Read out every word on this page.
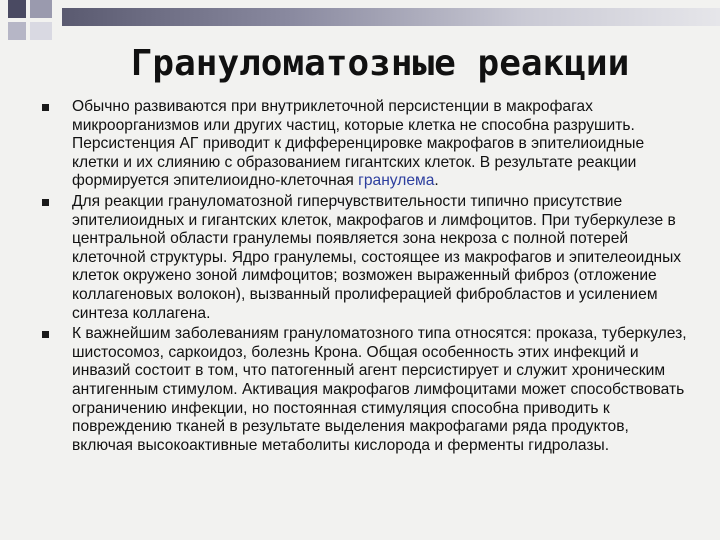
Грануломатозные реакции
Обычно развиваются при внутриклеточной персистенции в макрофагах микроорганизмов или других частиц, которые клетка не способна разрушить. Персистенция АГ приводит к дифференцировке макрофагов в эпителиоидные клетки и их слиянию с образованием гигантских клеток. В результате реакции формируется эпителиоидно-клеточная гранулема.
Для реакции грануломатозной гиперчувствительности типично присутствие эпителиоидных и гигантских клеток, макрофагов и лимфоцитов. При туберкулезе в центральной области гранулемы появляется зона некроза с полной потерей клеточной структуры. Ядро гранулемы, состоящее из макрофагов и эпителеоидных клеток окружено зоной лимфоцитов; возможен выраженный фиброз (отложение коллагеновых волокон), вызванный пролиферацией фибробластов и усилением синтеза коллагена.
К важнейшим заболеваниям грануломатозного типа относятся: проказа, туберкулез, шистосомоз, саркоидоз, болезнь Крона. Общая особенность этих инфекций и инвазий состоит в том, что патогенный агент персистирует и служит хроническим антигенным стимулом. Активация макрофагов лимфоцитами может способствовать ограничению инфекции, но постоянная стимуляция способна приводить к повреждению тканей в результате выделения макрофагами ряда продуктов, включая высокоактивные метаболиты кислорода и ферменты гидролазы.
